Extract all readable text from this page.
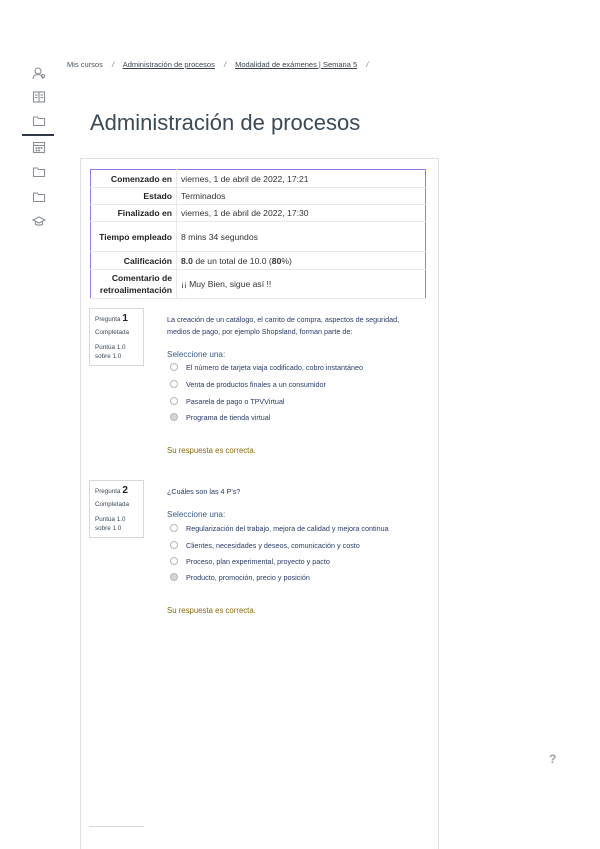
Mis cursos / Administración de procesos / Modalidad de exámenes | Semana 5 /
Administración de procesos
Comenzado en	viernes, 1 de abril de 2022, 17:21
Estado	Terminados
Finalizado en	viernes, 1 de abril de 2022, 17:30
Tiempo empleado	8 mins 34 segundos
Calificación	8.0 de un total de 10.0 (80%)
Comentario de retroalimentación	¡¡ Muy Bien, sigue así !!
Pregunta 1
Completada
Puntúa 1.0
sobre 1.0
La creación de un catálogo, el carrito de compra, aspectos de seguridad, medios de pago, por ejemplo Shopsland, forman parte de:
Seleccione una:
El número de tarjeta viaja codificado, cobro instantáneo
Venta de productos finales a un consumidor
Pasarela de pago o TPVVirtual
Programa de tienda virtual
Su respuesta es correcta.
Pregunta 2
Completada
Puntúa 1.0
sobre 1.0
¿Cuáles son las 4 P's?
Seleccione una:
Regularización del trabajo, mejora de calidad y mejora continua
Clientes, necesidades y deseos, comunicación y costo
Proceso, plan experimental, proyecto y pacto
Producto, promoción, precio y posición
Su respuesta es correcta.
?
